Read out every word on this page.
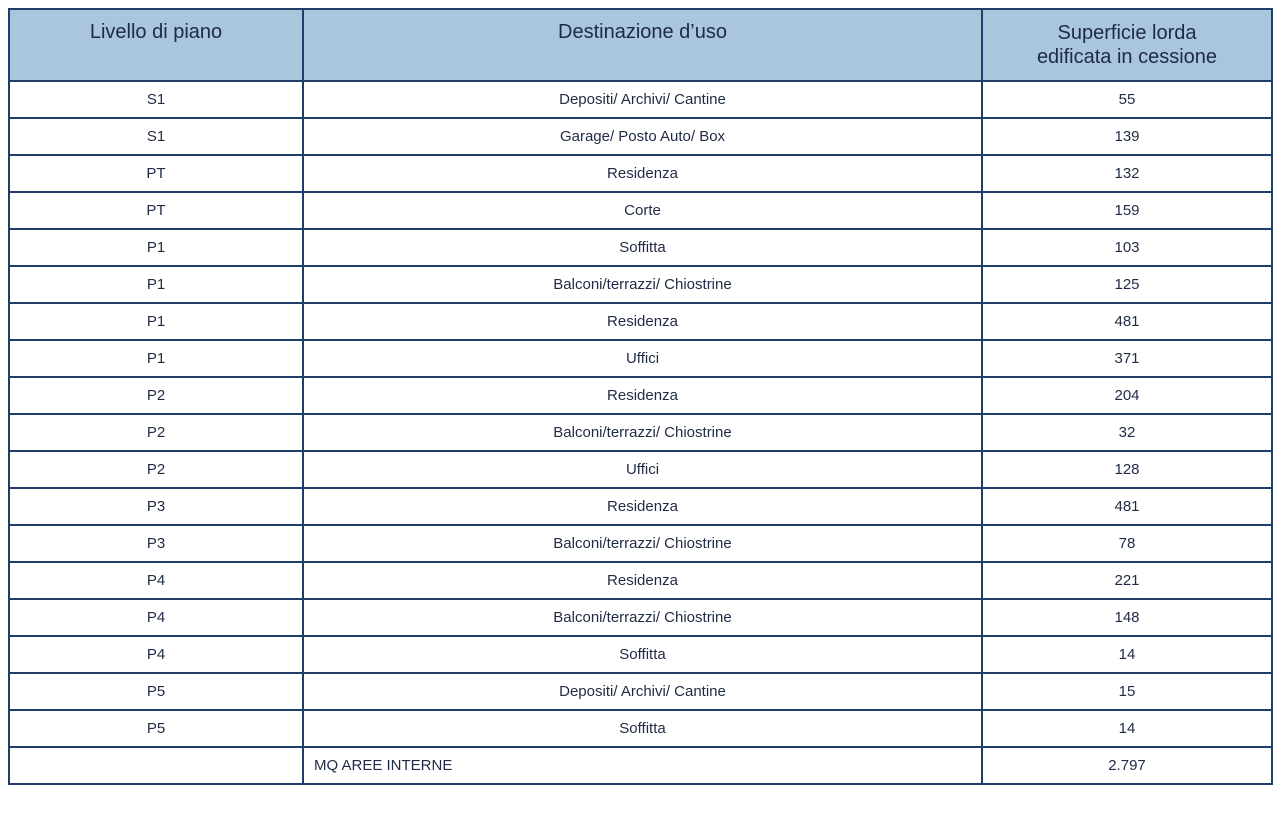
Livello di piano	Destinazione d’uso	Superficie lorda
edificata in cessione
S1	Depositi/ Archivi/ Cantine	55
S1	Garage/ Posto Auto/ Box	139
PT	Residenza	132
PT	Corte	159
P1	Soffitta	103
P1	Balconi/terrazzi/ Chiostrine	125
P1	Residenza	481
P1	Uffici	371
P2	Residenza	204
P2	Balconi/terrazzi/ Chiostrine	32
P2	Uffici	128
P3	Residenza	481
P3	Balconi/terrazzi/ Chiostrine	78
P4	Residenza	221
P4	Balconi/terrazzi/ Chiostrine	148
P4	Soffitta	14
P5	Depositi/ Archivi/ Cantine	15
P5	Soffitta	14
	MQ AREE INTERNE	2.797
